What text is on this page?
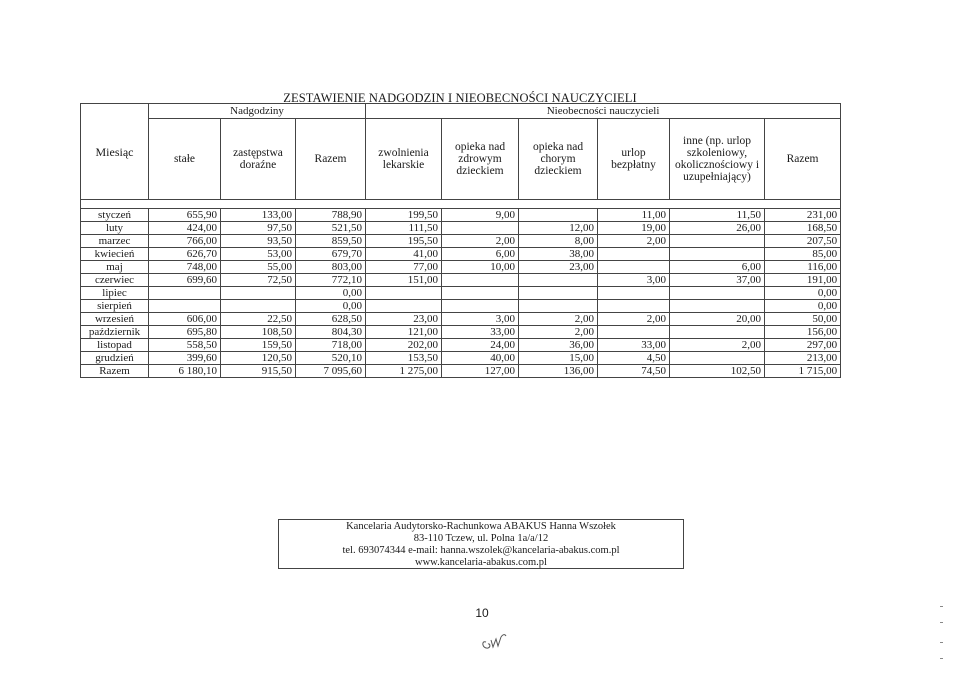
ZESTAWIENIE NADGODZIN I NIEOBECNOŚCI NAUCZYCIELI
Miesiąc	Nadgodziny			Nieobecności nauczycieli					
	stałe	zastępstwa doraźne	Razem	zwolnienia lekarskie	opieka nad zdrowym dzieckiem	opieka nad chorym dzieckiem	urlop bezpłatny	inne (np. urlop szkoleniowy, okolicznościowy i uzupełniający)	Razem

styczeń	655,90	133,00	788,90	199,50	9,00		11,00	11,50	231,00
luty	424,00	97,50	521,50	111,50		12,00	19,00	26,00	168,50
marzec	766,00	93,50	859,50	195,50	2,00	8,00	2,00		207,50
kwiecień	626,70	53,00	679,70	41,00	6,00	38,00			85,00
maj	748,00	55,00	803,00	77,00	10,00	23,00		6,00	116,00
czerwiec	699,60	72,50	772,10	151,00			3,00	37,00	191,00
lipiec			0,00						0,00
sierpień			0,00						0,00
wrzesień	606,00	22,50	628,50	23,00	3,00	2,00	2,00	20,00	50,00
październik	695,80	108,50	804,30	121,00	33,00	2,00			156,00
listopad	558,50	159,50	718,00	202,00	24,00	36,00	33,00	2,00	297,00
grudzień	399,60	120,50	520,10	153,50	40,00	15,00	4,50		213,00
Razem	6 180,10	915,50	7 095,60	1 275,00	127,00	136,00	74,50	102,50	1 715,00
Kancelaria Audytorsko-Rachunkowa ABAKUS Hanna Wszołek
83-110 Tczew, ul. Polna 1a/a/12
tel. 693074344 e-mail: hanna.wszolek@kancelaria-abakus.com.pl
www.kancelaria-abakus.com.pl
10
